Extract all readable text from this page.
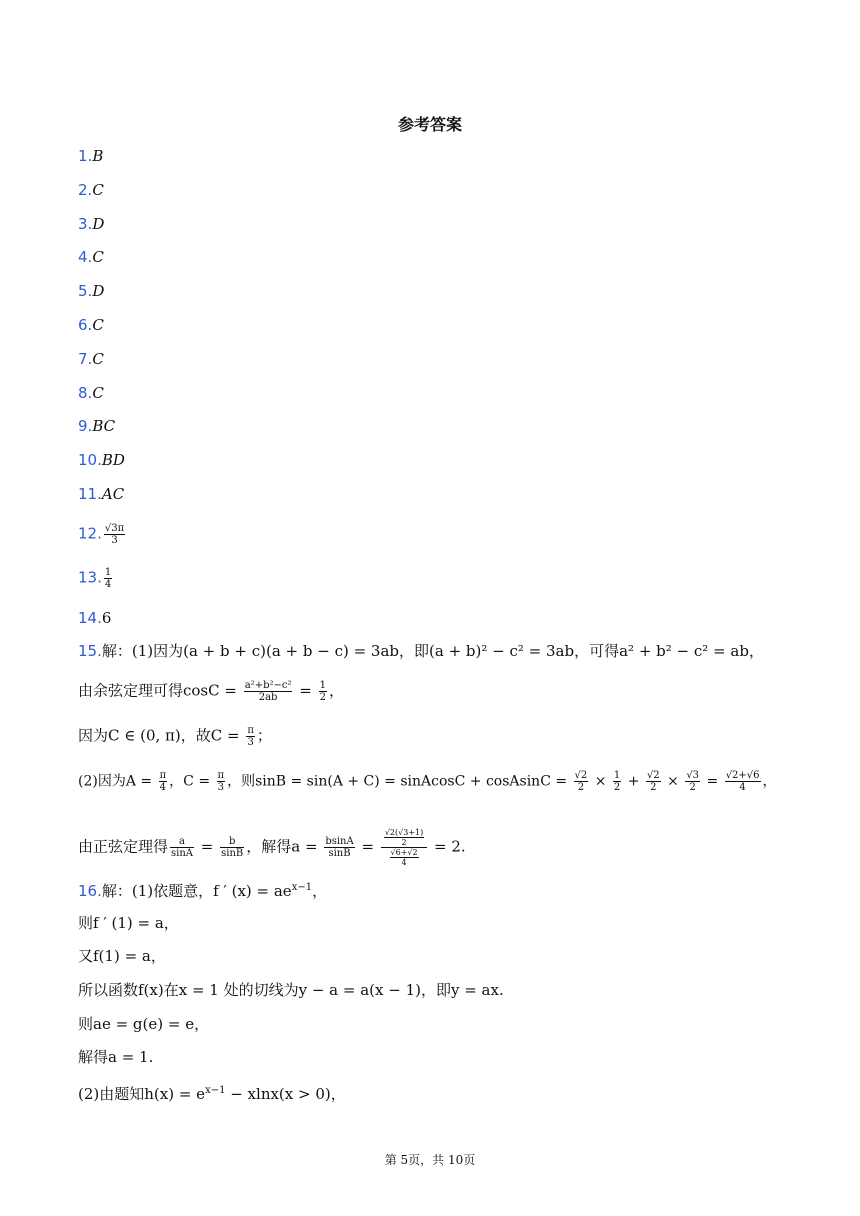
参考答案
1.B
2.C
3.D
4.C
5.D
6.C
7.C
8.C
9.BC
10.BD
11.AC
12. $\frac{√3\pi}{3}$
13. $\frac{1}{4}$
14.6
15.解：(1)因为(a + b + c)(a + b − c) = 3ab，即(a + b)² − c² = 3ab，可得a² + b² − c² = ab，
由余弦定理可得$\cos C = \frac{\text{a²+b²−c²}}{2ab} = \frac{1}{2}$ ，
因为C ∈ (0, π)，故$C = \frac{\pi}{3}$ ；
(2)因为$A = \frac{\pi}{4}$ ，$C = \frac{\pi}{3}$ ，则sinB = sin(A + C) = sinAcosC + cosAsinC = $\frac{√2}{2} \times \frac{1}{2} + \frac{√2}{2} \times \frac{√3}{2} = \frac{√2+√6}{4}$ ，
由正弦定理得 $\frac{a}{\sin A} = \frac{b}{\sin B}$ ，解得$a = \frac{bsinA}{\sin B} = \frac{\frac{√2(√3+1)}{2}}{\frac{√6+√2}{4}} = 2$.
16.解：(1)依题意，f ′ $(x) = ae^{x-1}$，
则f ′ (1) = a，
又f(1) = a，
所以函数f(x)在x = 1 处的切线为y − a = a(x − 1)，即y = ax.
则ae = g(e) = e，
解得a = 1.
(2)由题知$h(x) = e^{x-1} - xlnx(x > 0)$，
第 5页，共 10页
